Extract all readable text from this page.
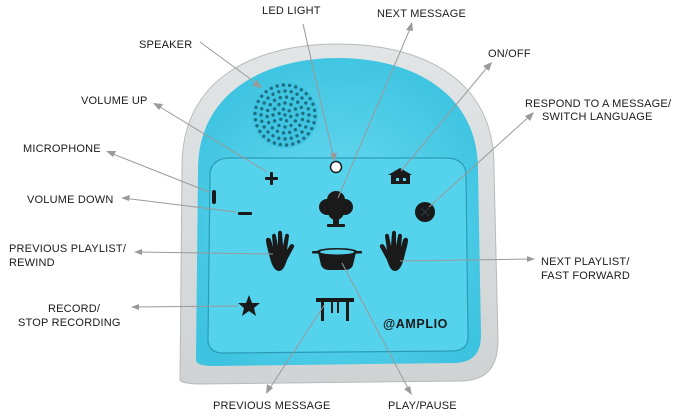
@AMPLIO
LED LIGHT	NEXT MESSAGE
SPEAKER
ON/OFF
VOLUME UP	RESPOND TO A MESSAGE/
SWITCH LANGUAGE
MICROPHONE
VOLUME DOWN
PREVIOUS PLAYLIST/
REWIND	NEXT PLAYLIST/
FAST FORWARD
RECORD/
STOP RECORDING
PREVIOUS MESSAGE	PLAY/PAUSE
